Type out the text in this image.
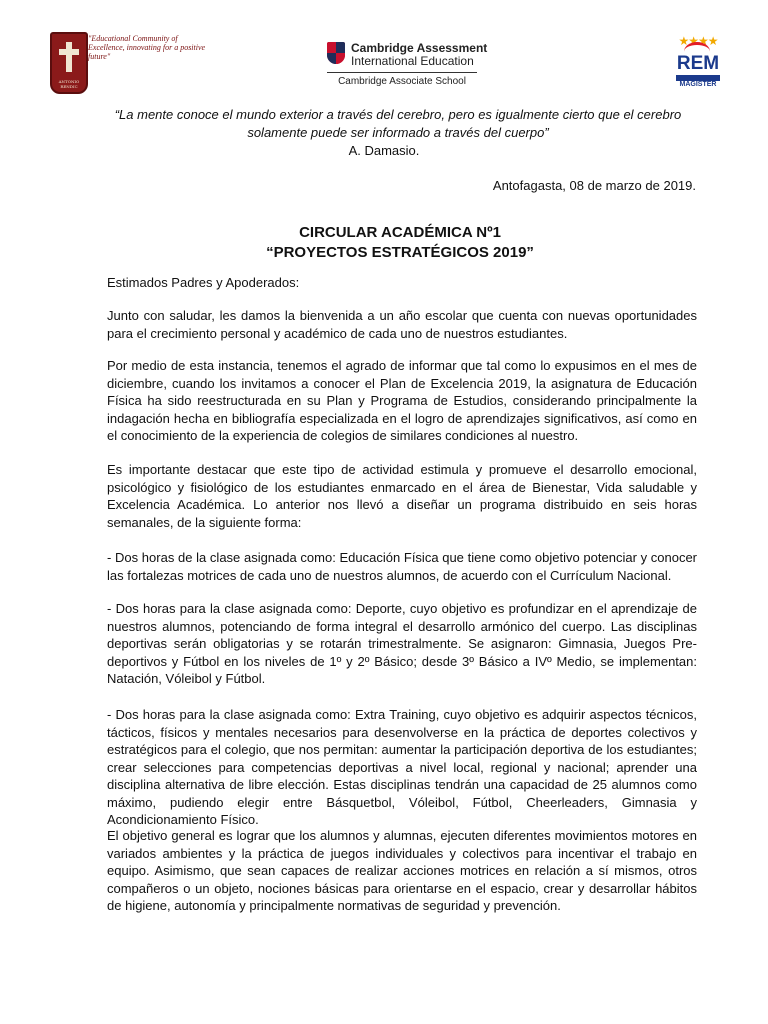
ANTONIO RENDIC
"Educational Community of Excellence, innovating for a positive future"
Cambridge Assessment
International Education
Cambridge Associate School
★★★★
REM
MAGISTER
“La mente conoce el mundo exterior a través del cerebro, pero es igualmente cierto que el cerebro solamente puede ser informado a través del cuerpo”
A. Damasio.
Antofagasta, 08 de marzo de 2019.
CIRCULAR ACADÉMICA Nº1
“PROYECTOS ESTRATÉGICOS 2019”
Estimados Padres y Apoderados:

Junto con saludar, les damos la bienvenida a un año escolar que cuenta con nuevas oportunidades para el crecimiento personal y académico de cada uno de nuestros estudiantes.

Por medio de esta instancia, tenemos el agrado de informar que tal como lo expusimos en el mes de diciembre, cuando los invitamos a conocer el Plan de Excelencia 2019, la asignatura de Educación Física ha sido reestructurada en su Plan y Programa de Estudios, considerando principalmente la indagación hecha en bibliografía especializada en el logro de aprendizajes significativos, así como en el conocimiento de la experiencia de colegios de similares condiciones al nuestro.

Es importante destacar que este tipo de actividad estimula y promueve el desarrollo emocional, psicológico y fisiológico de los estudiantes enmarcado en el área de Bienestar, Vida saludable y Excelencia Académica. Lo anterior nos llevó a diseñar un programa distribuido en seis horas semanales, de la siguiente forma:

- Dos horas de la clase asignada como: Educación Física que tiene como objetivo potenciar y conocer las fortalezas motrices de cada uno de nuestros alumnos, de acuerdo con el Currículum Nacional.

- Dos horas para la clase asignada como: Deporte, cuyo objetivo es profundizar en el aprendizaje de nuestros alumnos, potenciando de forma integral el desarrollo armónico del cuerpo. Las disciplinas deportivas serán obligatorias y se rotarán trimestralmente. Se asignaron: Gimnasia, Juegos Pre-deportivos y Fútbol en los niveles de 1º y 2º Básico; desde 3º Básico a IVº Medio, se implementan: Natación, Vóleibol y Fútbol.

- Dos horas para la clase asignada como: Extra Training, cuyo objetivo es adquirir aspectos técnicos, tácticos, físicos y mentales necesarios para desenvolverse en la práctica de deportes colectivos y estratégicos para el colegio, que nos permitan: aumentar la participación deportiva de los estudiantes; crear selecciones para competencias deportivas a nivel local, regional y nacional; aprender una disciplina alternativa de libre elección. Estas disciplinas tendrán una capacidad de 25 alumnos como máximo, pudiendo elegir entre Básquetbol, Vóleibol, Fútbol, Cheerleaders, Gimnasia y Acondicionamiento Físico.

El objetivo general es lograr que los alumnos y alumnas, ejecuten diferentes movimientos motores en variados ambientes y la práctica de juegos individuales y colectivos para incentivar el trabajo en equipo. Asimismo, que sean capaces de realizar acciones motrices en relación a sí mismos, otros compañeros o un objeto, nociones básicas para orientarse en el espacio, crear y desarrollar hábitos de higiene, autonomía y principalmente normativas de seguridad y prevención.
